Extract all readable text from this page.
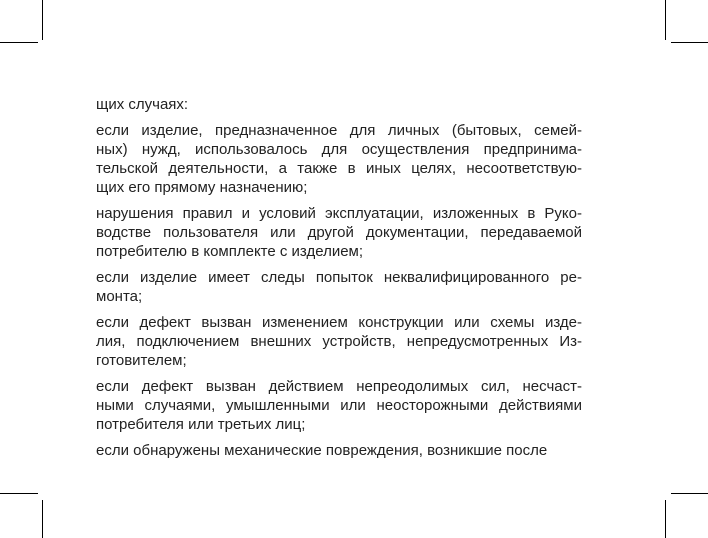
щих случаях:
если изделие, предназначенное для личных (бытовых, семей-
ных) нужд, использовалось для осуществления предпринима-
тельской деятельности, а также в иных целях, несоответствую-
щих его прямому назначению;
нарушения правил и условий эксплуатации, изложенных в Руко-
водстве пользователя или другой документации, передаваемой
потребителю в комплекте с изделием;
если изделие имеет следы попыток неквалифицированного ре-
монта;
если дефект вызван изменением конструкции или схемы изде-
лия, подключением внешних устройств, непредусмотренных Из-
готовителем;
если дефект вызван действием непреодолимых сил, несчаст-
ными случаями, умышленными или неосторожными действиями
потребителя или третьих лиц;
если обнаружены механические повреждения, возникшие после
